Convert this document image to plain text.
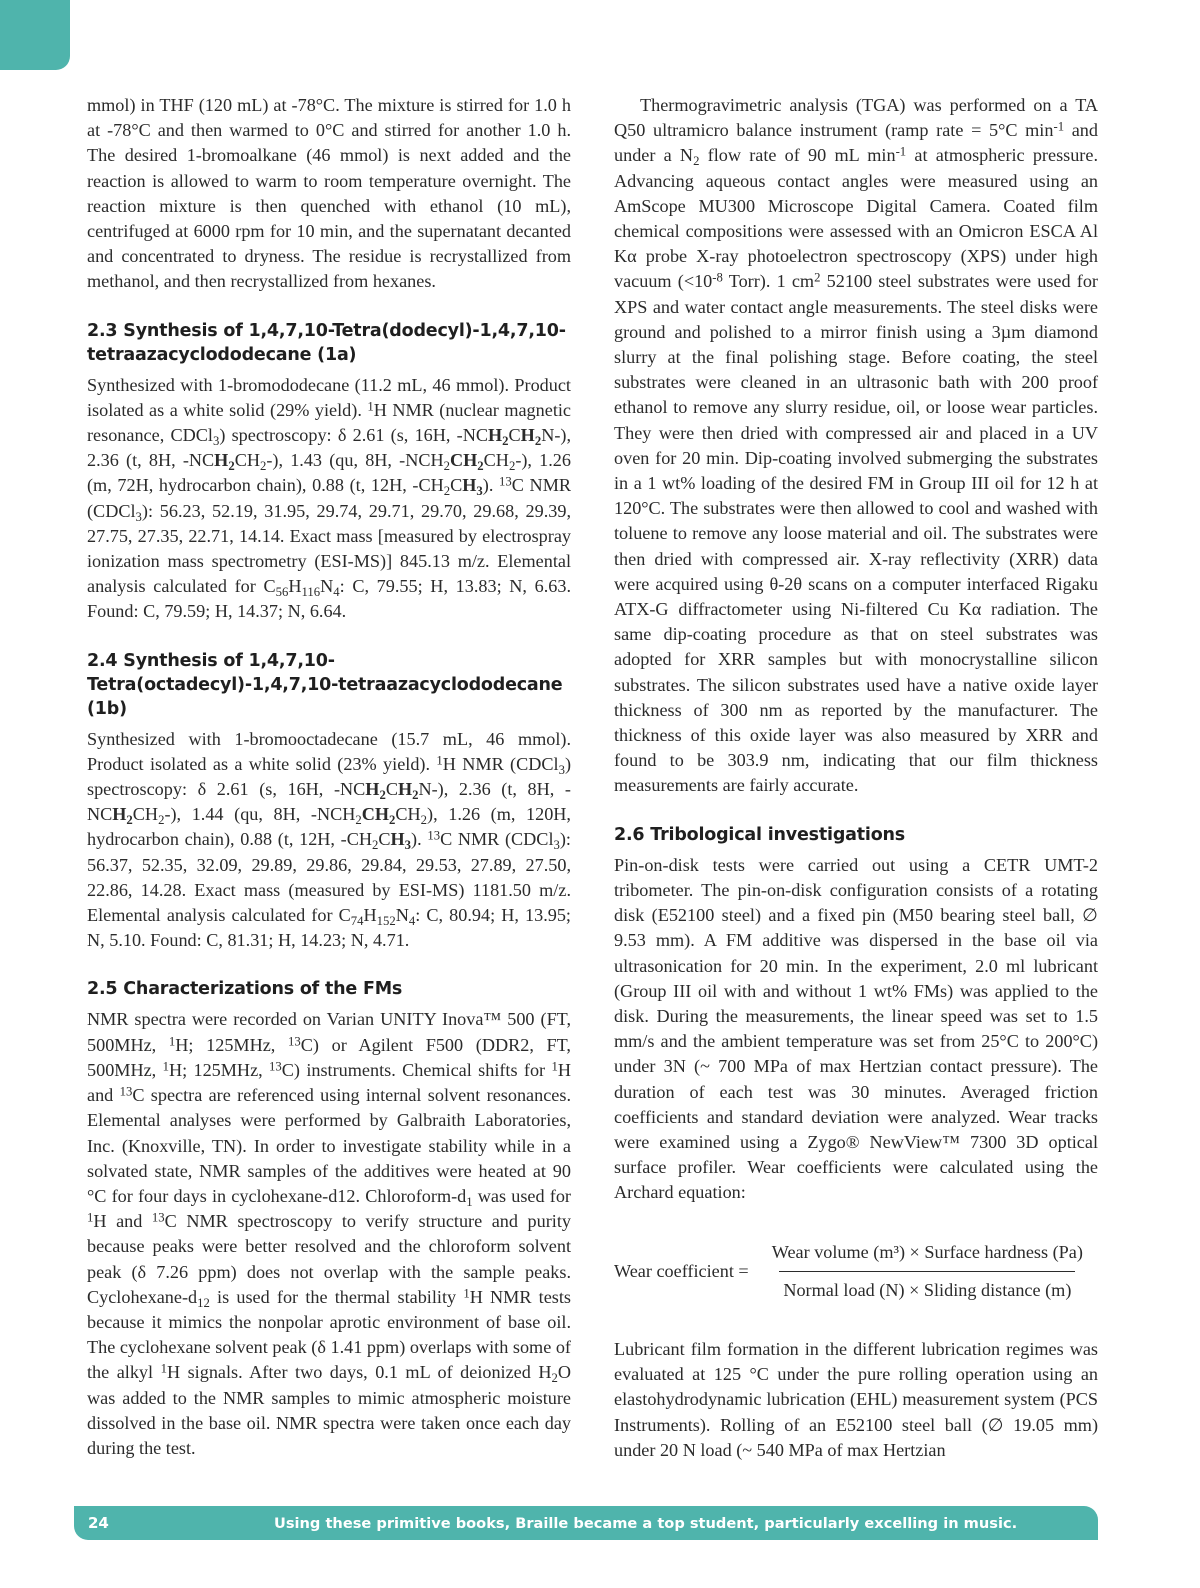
mmol) in THF (120 mL) at -78°C. The mixture is stirred for 1.0 h at -78°C and then warmed to 0°C and stirred for another 1.0 h. The desired 1-bromoalkane (46 mmol) is next added and the reaction is allowed to warm to room temperature overnight. The reaction mixture is then quenched with ethanol (10 mL), centrifuged at 6000 rpm for 10 min, and the supernatant decanted and concentrated to dryness. The residue is recrystallized from methanol, and then recrystallized from hexanes.

2.3 Synthesis of 1,4,7,10-Tetra(dodecyl)-1,4,7,10-tetraazacyclododecane (1a)

Synthesized with 1-bromododecane (11.2 mL, 46 mmol). Product isolated as a white solid (29% yield). $^1$H NMR (nuclear magnetic resonance, CDCl$_3$) spectroscopy: δ 2.61 (s, 16H, $-NCH_2CH_2N-$), 2.36 (t, 8H, $-NCH_2CH_2-$), 1.43 (qu, 8H, $-NCH_2CH_2CH_2-$), 1.26 (m, 72H, hydrocarbon chain), 0.88 (t, 12H, $-CH_2CH_3$). $^{13}$C NMR (CDCl$_3$): 56.23, 52.19, 31.95, 29.74, 29.71, 29.70, 29.68, 29.39, 27.75, 27.35, 22.71, 14.14. Exact mass [measured by electrospray ionization mass spectrometry (ESI-MS)] 845.13 m/z. Elemental analysis calculated for $C_{56}H_{116}N_4$: C, 79.55; H, 13.83; N, 6.63. Found: C, 79.59; H, 14.37; N, 6.64.

2.4 Synthesis of 1,4,7,10-Tetra(octadecyl)-1,4,7,10-tetraazacyclododecane (1b)

Synthesized with 1-bromooctadecane (15.7 mL, 46 mmol). Product isolated as a white solid (23% yield). $^1$H NMR (CDCl$_3$) spectroscopy: δ 2.61 (s, 16H, $-NCH_2CH_2N-$), 2.36 (t, 8H, $-NCH_2CH_2-$), 1.44 (qu, 8H, $-NCH_2CH_2CH_2$), 1.26 (m, 120H, hydrocarbon chain), 0.88 (t, 12H, $-CH_2CH_3$). $^{13}$C NMR (CDCl$_3$): 56.37, 52.35, 32.09, 29.89, 29.86, 29.84, 29.53, 27.89, 27.50, 22.86, 14.28. Exact mass (measured by ESI-MS) 1181.50 m/z. Elemental analysis calculated for $C_{74}H_{152}N_4$: C, 80.94; H, 13.95; N, 5.10. Found: C, 81.31; H, 14.23; N, 4.71.

2.5 Characterizations of the FMs

NMR spectra were recorded on Varian UNITY Inova™ 500 (FT, 500MHz, $^1$H; 125MHz, $^{13}$C) or Agilent F500 (DDR2, FT, 500MHz, $^1$H; 125MHz, $^{13}$C) instruments. Chemical shifts for $^1$H and $^{13}$C spectra are referenced using internal solvent resonances. Elemental analyses were performed by Galbraith Laboratories, Inc. (Knoxville, TN). In order to investigate stability while in a solvated state, NMR samples of the additives were heated at 90 °C for four days in cyclohexane-d12. Chloroform-$d_1$ was used for $^1$H and $^{13}$C NMR spectroscopy to verify structure and purity because peaks were better resolved and the chloroform solvent peak (δ 7.26 ppm) does not overlap with the sample peaks. Cyclohexane-$d_{12}$ is used for the thermal stability $^1$H NMR tests because it mimics the nonpolar aprotic environment of base oil. The cyclohexane solvent peak (δ 1.41 ppm) overlaps with some of the alkyl $^1$H signals. After two days, 0.1 mL of deionized $H_2O$ was added to the NMR samples to mimic atmospheric moisture dissolved in the base oil. NMR spectra were taken once each day during the test.

Thermogravimetric analysis (TGA) was performed on a TA Q50 ultramicro balance instrument (ramp rate = 5°C $\min^{-1}$ and under a $N_2$ flow rate of 90 mL $\min^{-1}$ at atmospheric pressure. Advancing aqueous contact angles were measured using an AmScope MU300 Microscope Digital Camera. Coated film chemical compositions were assessed with an Omicron ESCA Al Kα probe X-ray photoelectron spectroscopy (XPS) under high vacuum ($<10^{-8}$ Torr). 1 $cm^2$ 52100 steel substrates were used for XPS and water contact angle measurements. The steel disks were ground and polished to a mirror finish using a 3µm diamond slurry at the final polishing stage. Before coating, the steel substrates were cleaned in an ultrasonic bath with 200 proof ethanol to remove any slurry residue, oil, or loose wear particles. They were then dried with compressed air and placed in a UV oven for 20 min. Dip-coating involved submerging the substrates in a 1 wt% loading of the desired FM in Group III oil for 12 h at 120°C. The substrates were then allowed to cool and washed with toluene to remove any loose material and oil. The substrates were then dried with compressed air. X-ray reflectivity (XRR) data were acquired using θ-2θ scans on a computer interfaced Rigaku ATX-G diffractometer using Ni-filtered Cu Kα radiation. The same dip-coating procedure as that on steel substrates was adopted for XRR samples but with monocrystalline silicon substrates. The silicon substrates used have a native oxide layer thickness of 300 nm as reported by the manufacturer. The thickness of this oxide layer was also measured by XRR and found to be 303.9 nm, indicating that our film thickness measurements are fairly accurate.

2.6 Tribological investigations

Pin-on-disk tests were carried out using a CETR UMT-2 tribometer. The pin-on-disk configuration consists of a rotating disk (E52100 steel) and a fixed pin (M50 bearing steel ball, ∅ 9.53 mm). A FM additive was dispersed in the base oil via ultrasonication for 20 min. In the experiment, 2.0 ml lubricant (Group III oil with and without 1 wt% FMs) was applied to the disk. During the measurements, the linear speed was set to 1.5 mm/s and the ambient temperature was set from 25°C to 200°C) under 3N (~ 700 MPa of max Hertzian contact pressure). The duration of each test was 30 minutes. Averaged friction coefficients and standard deviation were analyzed. Wear tracks were examined using a Zygo® NewView™ 7300 3D optical surface profiler. Wear coefficients were calculated using the Archard equation:

Wear coefficient = $\frac{\text{Wear volume (m³) × Surface hardness (Pa)}}{\text{Normal load (N) × Sliding distance (m)}}$

Lubricant film formation in the different lubrication regimes was evaluated at 125 °C under the pure rolling operation using an elastohydrodynamic lubrication (EHL) measurement system (PCS Instruments). Rolling of an E52100 steel ball (∅ 19.05 mm) under 20 N load (~ 540 MPa of max Hertzian

24	Using these primitive books, Braille became a top student, particularly excelling in music.
